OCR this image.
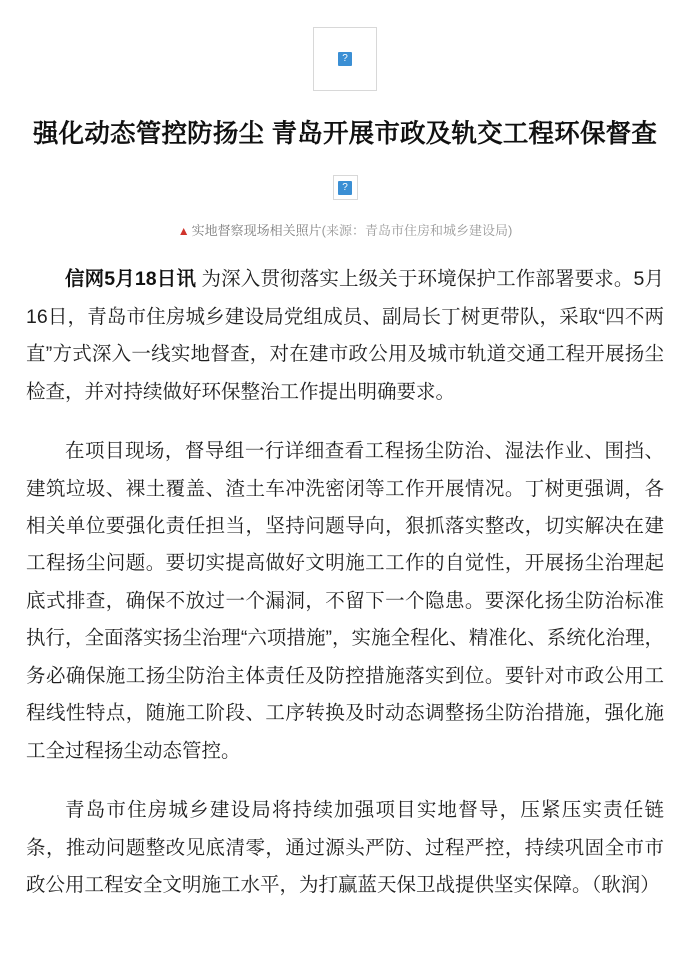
?
强化动态管控防扬尘 青岛开展市政及轨交工程环保督查
?
▲ 实地督察现场相关照片(来源：青岛市住房和城乡建设局)

信网5月18日讯 为深入贯彻落实上级关于环境保护工作部署要求。5月16日，青岛市住房城乡建设局党组成员、副局长丁树更带队，采取“四不两直”方式深入一线实地督查，对在建市政公用及城市轨道交通工程开展扬尘检查，并对持续做好环保整治工作提出明确要求。

在项目现场，督导组一行详细查看工程扬尘防治、湿法作业、围挡、建筑垃圾、裸土覆盖、渣土车冲洗密闭等工作开展情况。丁树更强调，各相关单位要强化责任担当，坚持问题导向，狠抓落实整改，切实解决在建工程扬尘问题。要切实提高做好文明施工工作的自觉性，开展扬尘治理起底式排查，确保不放过一个漏洞，不留下一个隐患。要深化扬尘防治标准执行，全面落实扬尘治理“六项措施”，实施全程化、精准化、系统化治理，务必确保施工扬尘防治主体责任及防控措施落实到位。要针对市政公用工程线性特点，随施工阶段、工序转换及时动态调整扬尘防治措施，强化施工全过程扬尘动态管控。

青岛市住房城乡建设局将持续加强项目实地督导，压紧压实责任链条，推动问题整改见底清零，通过源头严防、过程严控，持续巩固全市市政公用工程安全文明施工水平，为打赢蓝天保卫战提供坚实保障。（耿润）
